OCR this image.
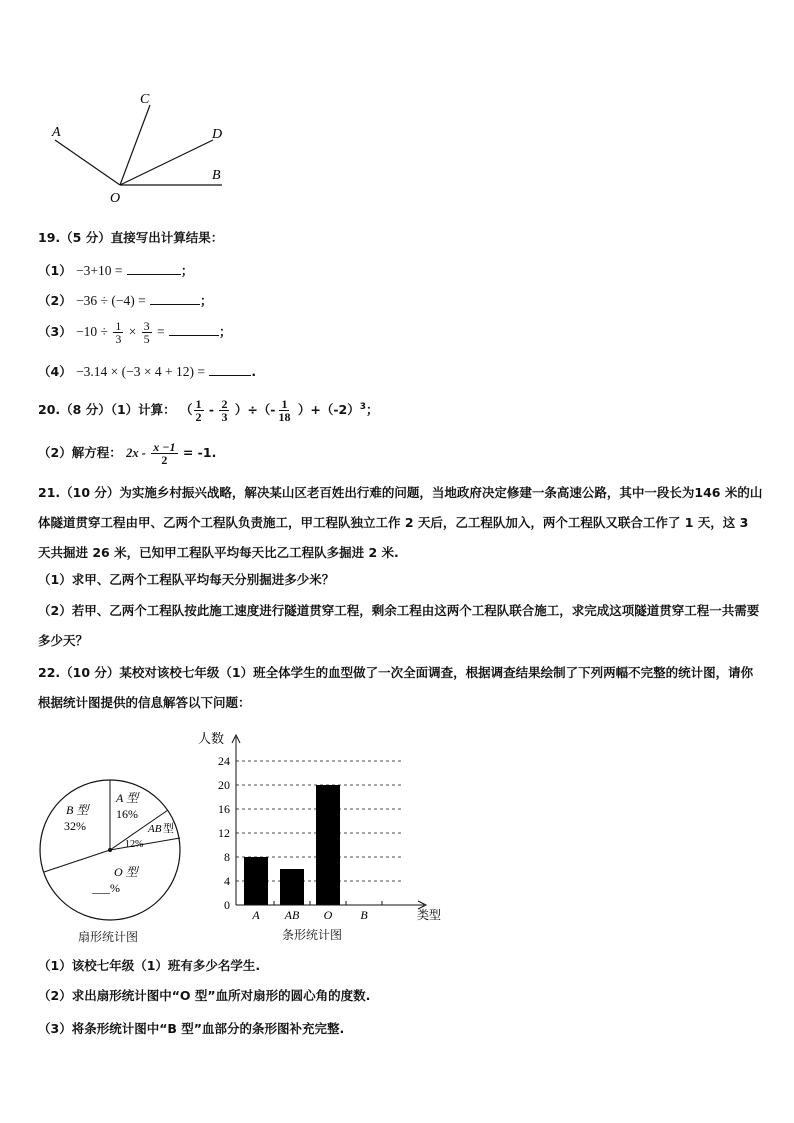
A
C
D
B
O
19.（5 分）直接写出计算结果：
（1） −3+10 =	；
（2） −36 ÷ (−4) =	；
$(3) -10 \div \frac{1}{3} \times \frac{3}{5}$ =	；
（4） −3.14 × (−3 × 4 + 12) =	.
20.（8 分）（1）计算： （ $\frac{1}{2} - \frac{2}{3}$ ）÷（- $\frac{1}{18} )+(-2)^3$；
（2）解方程： $2x - \frac{x -1}{2} = -1$.
21.（10 分）为实施乡村振兴战略，解决某山区老百姓出行难的问题，当地政府决定修建一条高速公路，其中一段长为146 米的山体隧道贯穿工程由甲、乙两个工程队负责施工，甲工程队独立工作 2 天后，乙工程队加入，两个工程队又联合工作了 1 天，这 3 天共掘进 26 米，已知甲工程队平均每天比乙工程队多掘进 2 米.
（1）求甲、乙两个工程队平均每天分别掘进多少米？
（2）若甲、乙两个工程队按此施工速度进行隧道贯穿工程，剩余工程由这两个工程队联合施工，求完成这项隧道贯穿工程一共需要多少天？
22.（10 分）某校对该校七年级（1）班全体学生的血型做了一次全面调查，根据调查结果绘制了下列两幅不完整的统计图，请你根据统计图提供的信息解答以下问题：
A 型
16%
B 型
32%	AB 型
12%
O 型
___%
扇形统计图
0
4
8
12
16
20
24
A AB O B
人数
类型
条形统计图
（1）该校七年级（1）班有多少名学生.
（2）求出扇形统计图中“O 型”血所对扇形的圆心角的度数.
（3）将条形统计图中“B 型”血部分的条形图补充完整.
